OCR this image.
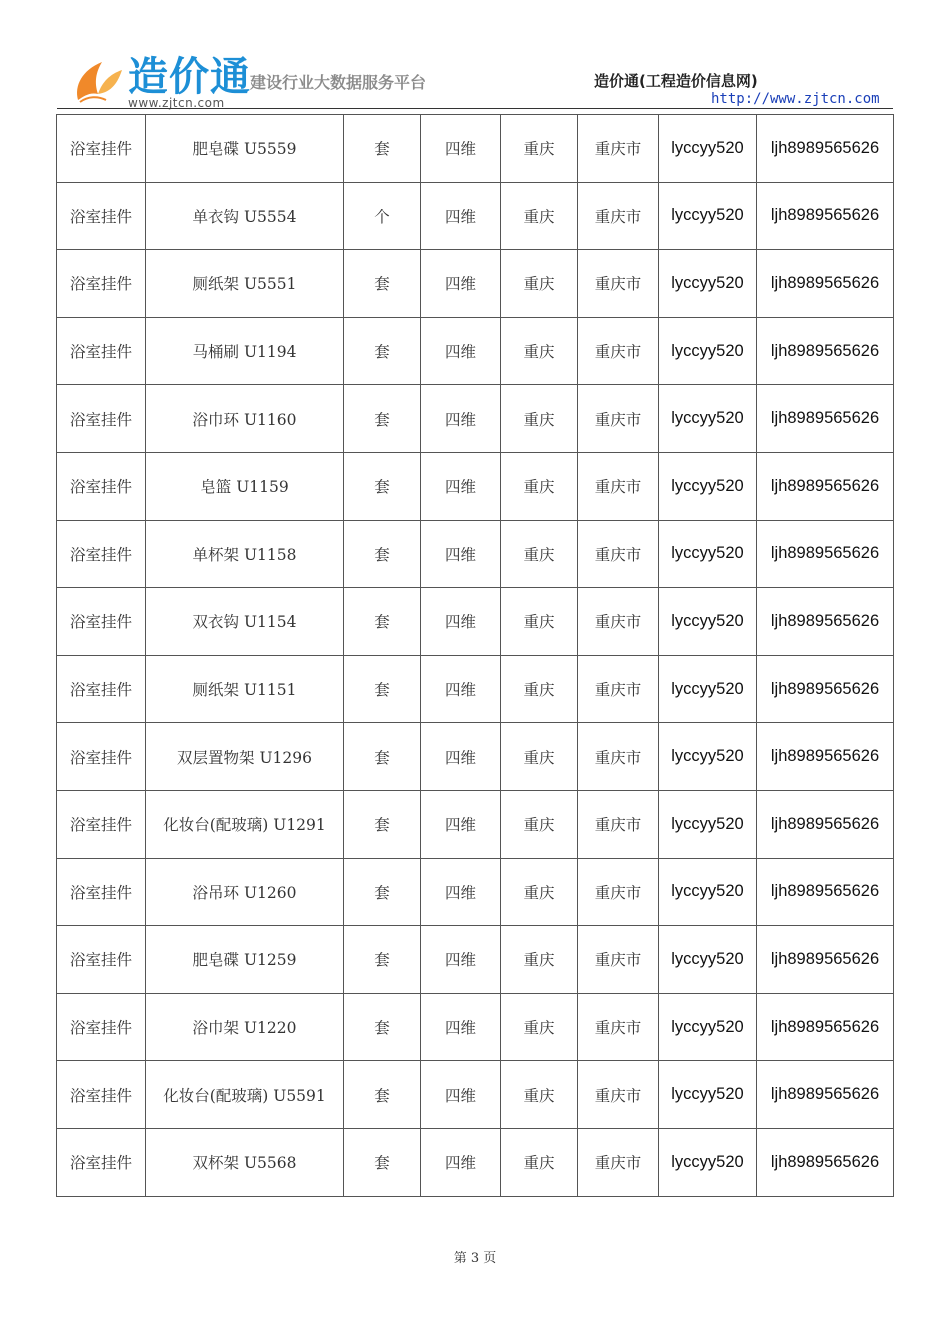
造价通
www.zjtcn.com
建设行业大数据服务平台	造价通(工程造价信息网)
http://www.zjtcn.com
浴室挂件	肥皂碟 U5559	套	四维	重庆	重庆市	lyccyy520	ljh8989565626
浴室挂件	单衣钩 U5554	个	四维	重庆	重庆市	lyccyy520	ljh8989565626
浴室挂件	厕纸架 U5551	套	四维	重庆	重庆市	lyccyy520	ljh8989565626
浴室挂件	马桶刷 U1194	套	四维	重庆	重庆市	lyccyy520	ljh8989565626
浴室挂件	浴巾环 U1160	套	四维	重庆	重庆市	lyccyy520	ljh8989565626
浴室挂件	皂篮 U1159	套	四维	重庆	重庆市	lyccyy520	ljh8989565626
浴室挂件	单杯架 U1158	套	四维	重庆	重庆市	lyccyy520	ljh8989565626
浴室挂件	双衣钩 U1154	套	四维	重庆	重庆市	lyccyy520	ljh8989565626
浴室挂件	厕纸架 U1151	套	四维	重庆	重庆市	lyccyy520	ljh8989565626
浴室挂件	双层置物架 U1296	套	四维	重庆	重庆市	lyccyy520	ljh8989565626
浴室挂件	化妆台(配玻璃) U1291	套	四维	重庆	重庆市	lyccyy520	ljh8989565626
浴室挂件	浴吊环 U1260	套	四维	重庆	重庆市	lyccyy520	ljh8989565626
浴室挂件	肥皂碟 U1259	套	四维	重庆	重庆市	lyccyy520	ljh8989565626
浴室挂件	浴巾架 U1220	套	四维	重庆	重庆市	lyccyy520	ljh8989565626
浴室挂件	化妆台(配玻璃) U5591	套	四维	重庆	重庆市	lyccyy520	ljh8989565626
浴室挂件	双杯架 U5568	套	四维	重庆	重庆市	lyccyy520	ljh8989565626
第 3 页
